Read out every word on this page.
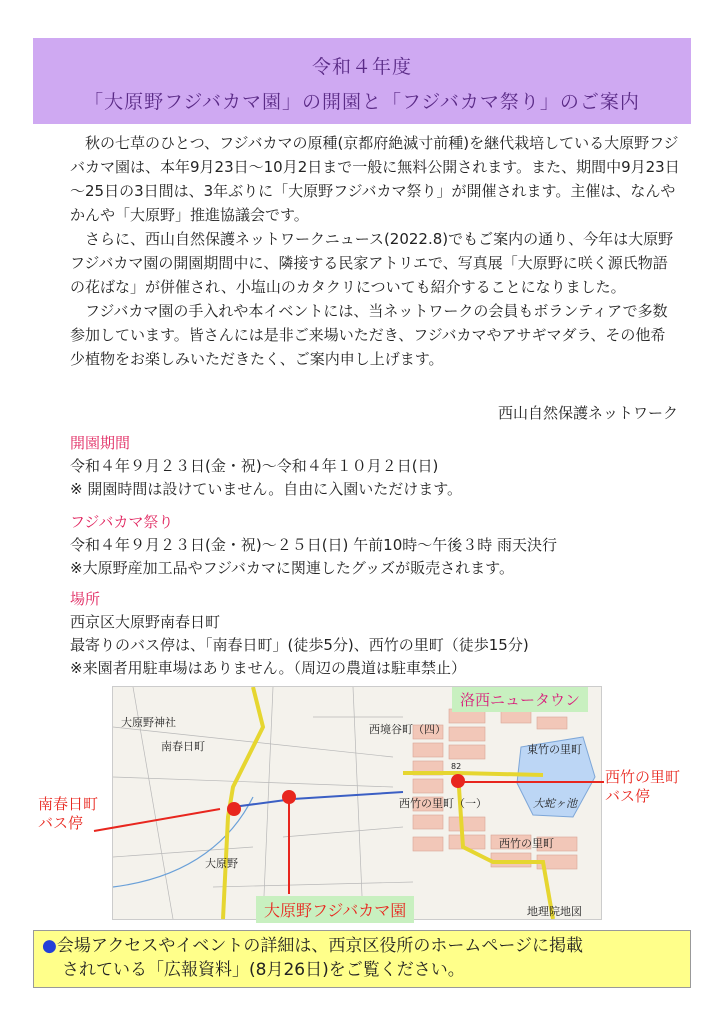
令和４年度
「大原野フジバカマ園」の開園と「フジバカマ祭り」のご案内

秋の七草のひとつ、フジバカマの原種(京都府絶滅寸前種)を継代栽培している大原野フジバカマ園は、本年9月23日～10月2日まで一般に無料公開されます。また、期間中9月23日～25日の3日間は、3年ぶりに「大原野フジバカマ祭り」が開催されます。主催は、なんやかんや「大原野」推進協議会です。

さらに、西山自然保護ネットワークニュース(2022.8)でもご案内の通り、今年は大原野フジバカマ園の開園期間中に、隣接する民家アトリエで、写真展「大原野に咲く源氏物語の花ばな」が併催され、小塩山のカタクリについても紹介することになりました。

フジバカマ園の手入れや本イベントには、当ネットワークの会員もボランティアで多数参加しています。皆さんには是非ご来場いただき、フジバカマやアサギマダラ、その他希少植物をお楽しみいただきたく、ご案内申し上げます。

西山自然保護ネットワーク
開園期間
令和４年９月２３日(金・祝)～令和４年１０月２日(日)
※ 開園時間は設けていません。自由に入園いただけます。
フジバカマ祭り
令和４年９月２３日(金・祝)～２５日(日) 午前10時～午後３時 雨天決行
※大原野産加工品やフジバカマに関連したグッズが販売されます。
場所
西京区大原野南春日町
最寄りのバス停は、「南春日町」(徒歩5分)、西竹の里町（徒歩15分)
※来園者用駐車場はありません。（周辺の農道は駐車禁止）
大原野神社
南春日町
大原野
西境谷町（四）
東竹の里町
西竹の里町（一）	大蛇ヶ池
西竹の里町
82
地理院地図
洛西ニュータウン
南春日町
バス停
西竹の里町
バス停
大原野フジバカマ園
●会場アクセスやイベントの詳細は、西京区役所のホームページに掲載
されている「広報資料」(8月26日)をご覧ください。
